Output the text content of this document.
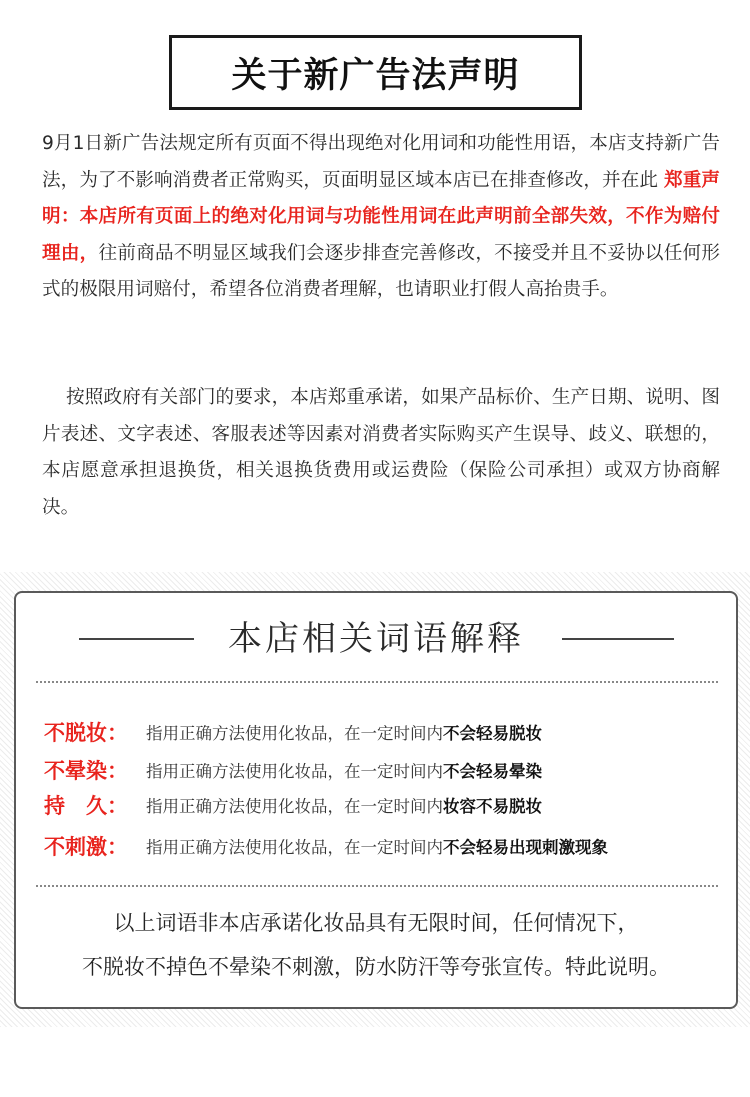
关于新广告法声明
9月1日新广告法规定所有页面不得出现绝对化用词和功能性用语，本店支持新广告法，为了不影响消费者正常购买，页面明显区域本店已在排查修改，并在此 郑重声明：本店所有页面上的绝对化用词与功能性用词在此声明前全部失效，不作为赔付理由，往前商品不明显区域我们会逐步排查完善修改，不接受并且不妥协以任何形式的极限用词赔付，希望各位消费者理解，也请职业打假人高抬贵手。
按照政府有关部门的要求，本店郑重承诺，如果产品标价、生产日期、说明、图片表述、文字表述、客服表述等因素对消费者实际购买产生误导、歧义、联想的，本店愿意承担退换货，相关退换货费用或运费险（保险公司承担）或双方协商解决。
本店相关词语解释
不脱妆：	指用正确方法使用化妆品，在一定时间内不会轻易脱妆
不晕染：	指用正确方法使用化妆品，在一定时间内不会轻易晕染
持　久：	指用正确方法使用化妆品，在一定时间内妆容不易脱妆
不刺激：	指用正确方法使用化妆品，在一定时间内不会轻易出现刺激现象
以上词语非本店承诺化妆品具有无限时间，任何情况下，
不脱妆不掉色不晕染不刺激，防水防汗等夸张宣传。特此说明。
